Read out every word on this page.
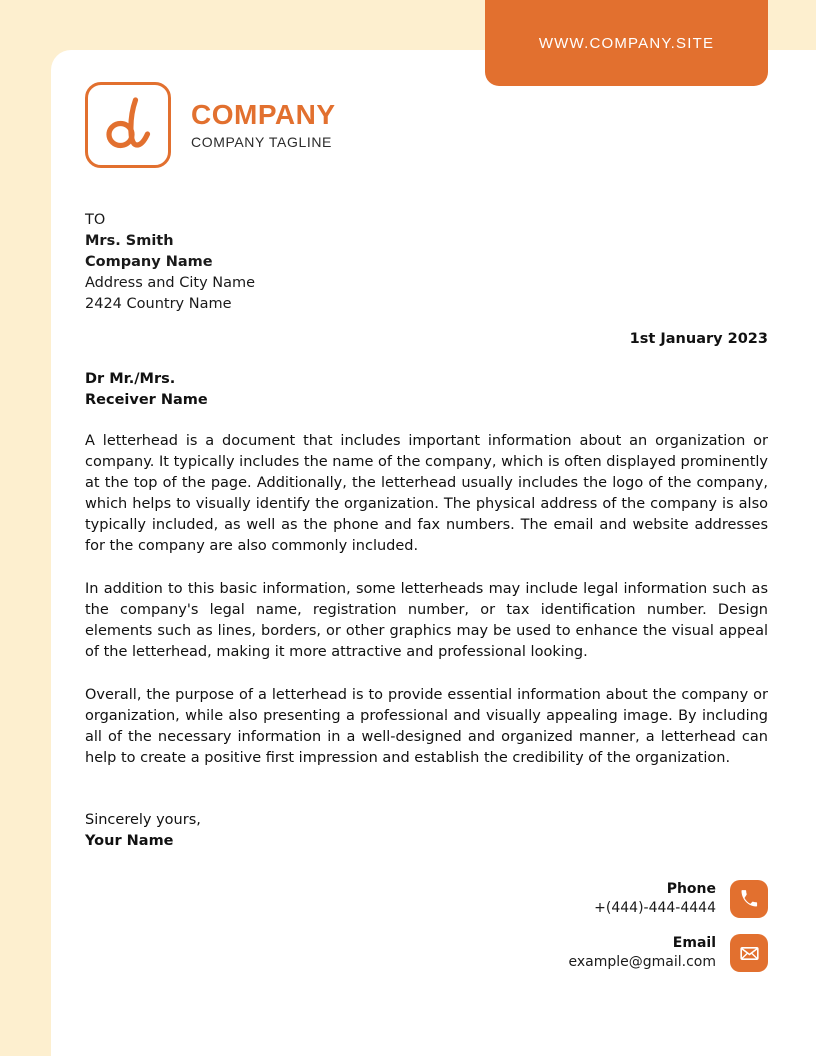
WWW.COMPANY.SITE
COMPANY
COMPANY TAGLINE
TO
Mrs. Smith
Company Name
Address and City Name
2424 Country Name
1st January 2023
Dr Mr./Mrs.
Receiver Name

A letterhead is a document that includes important information about an organization or company. It typically includes the name of the company, which is often displayed prominently at the top of the page. Additionally, the letterhead usually includes the logo of the company, which helps to visually identify the organization. The physical address of the company is also typically included, as well as the phone and fax numbers. The email and website addresses for the company are also commonly included.

In addition to this basic information, some letterheads may include legal information such as the company's legal name, registration number, or tax identification number. Design elements such as lines, borders, or other graphics may be used to enhance the visual appeal of the letterhead, making it more attractive and professional looking.

Overall, the purpose of a letterhead is to provide essential information about the company or organization, while also presenting a professional and visually appealing image. By including all of the necessary information in a well-designed and organized manner, a letterhead can help to create a positive first impression and establish the credibility of the organization.

Sincerely yours,
Your Name
Phone
+(444)-444-4444
Email
example@gmail.com
